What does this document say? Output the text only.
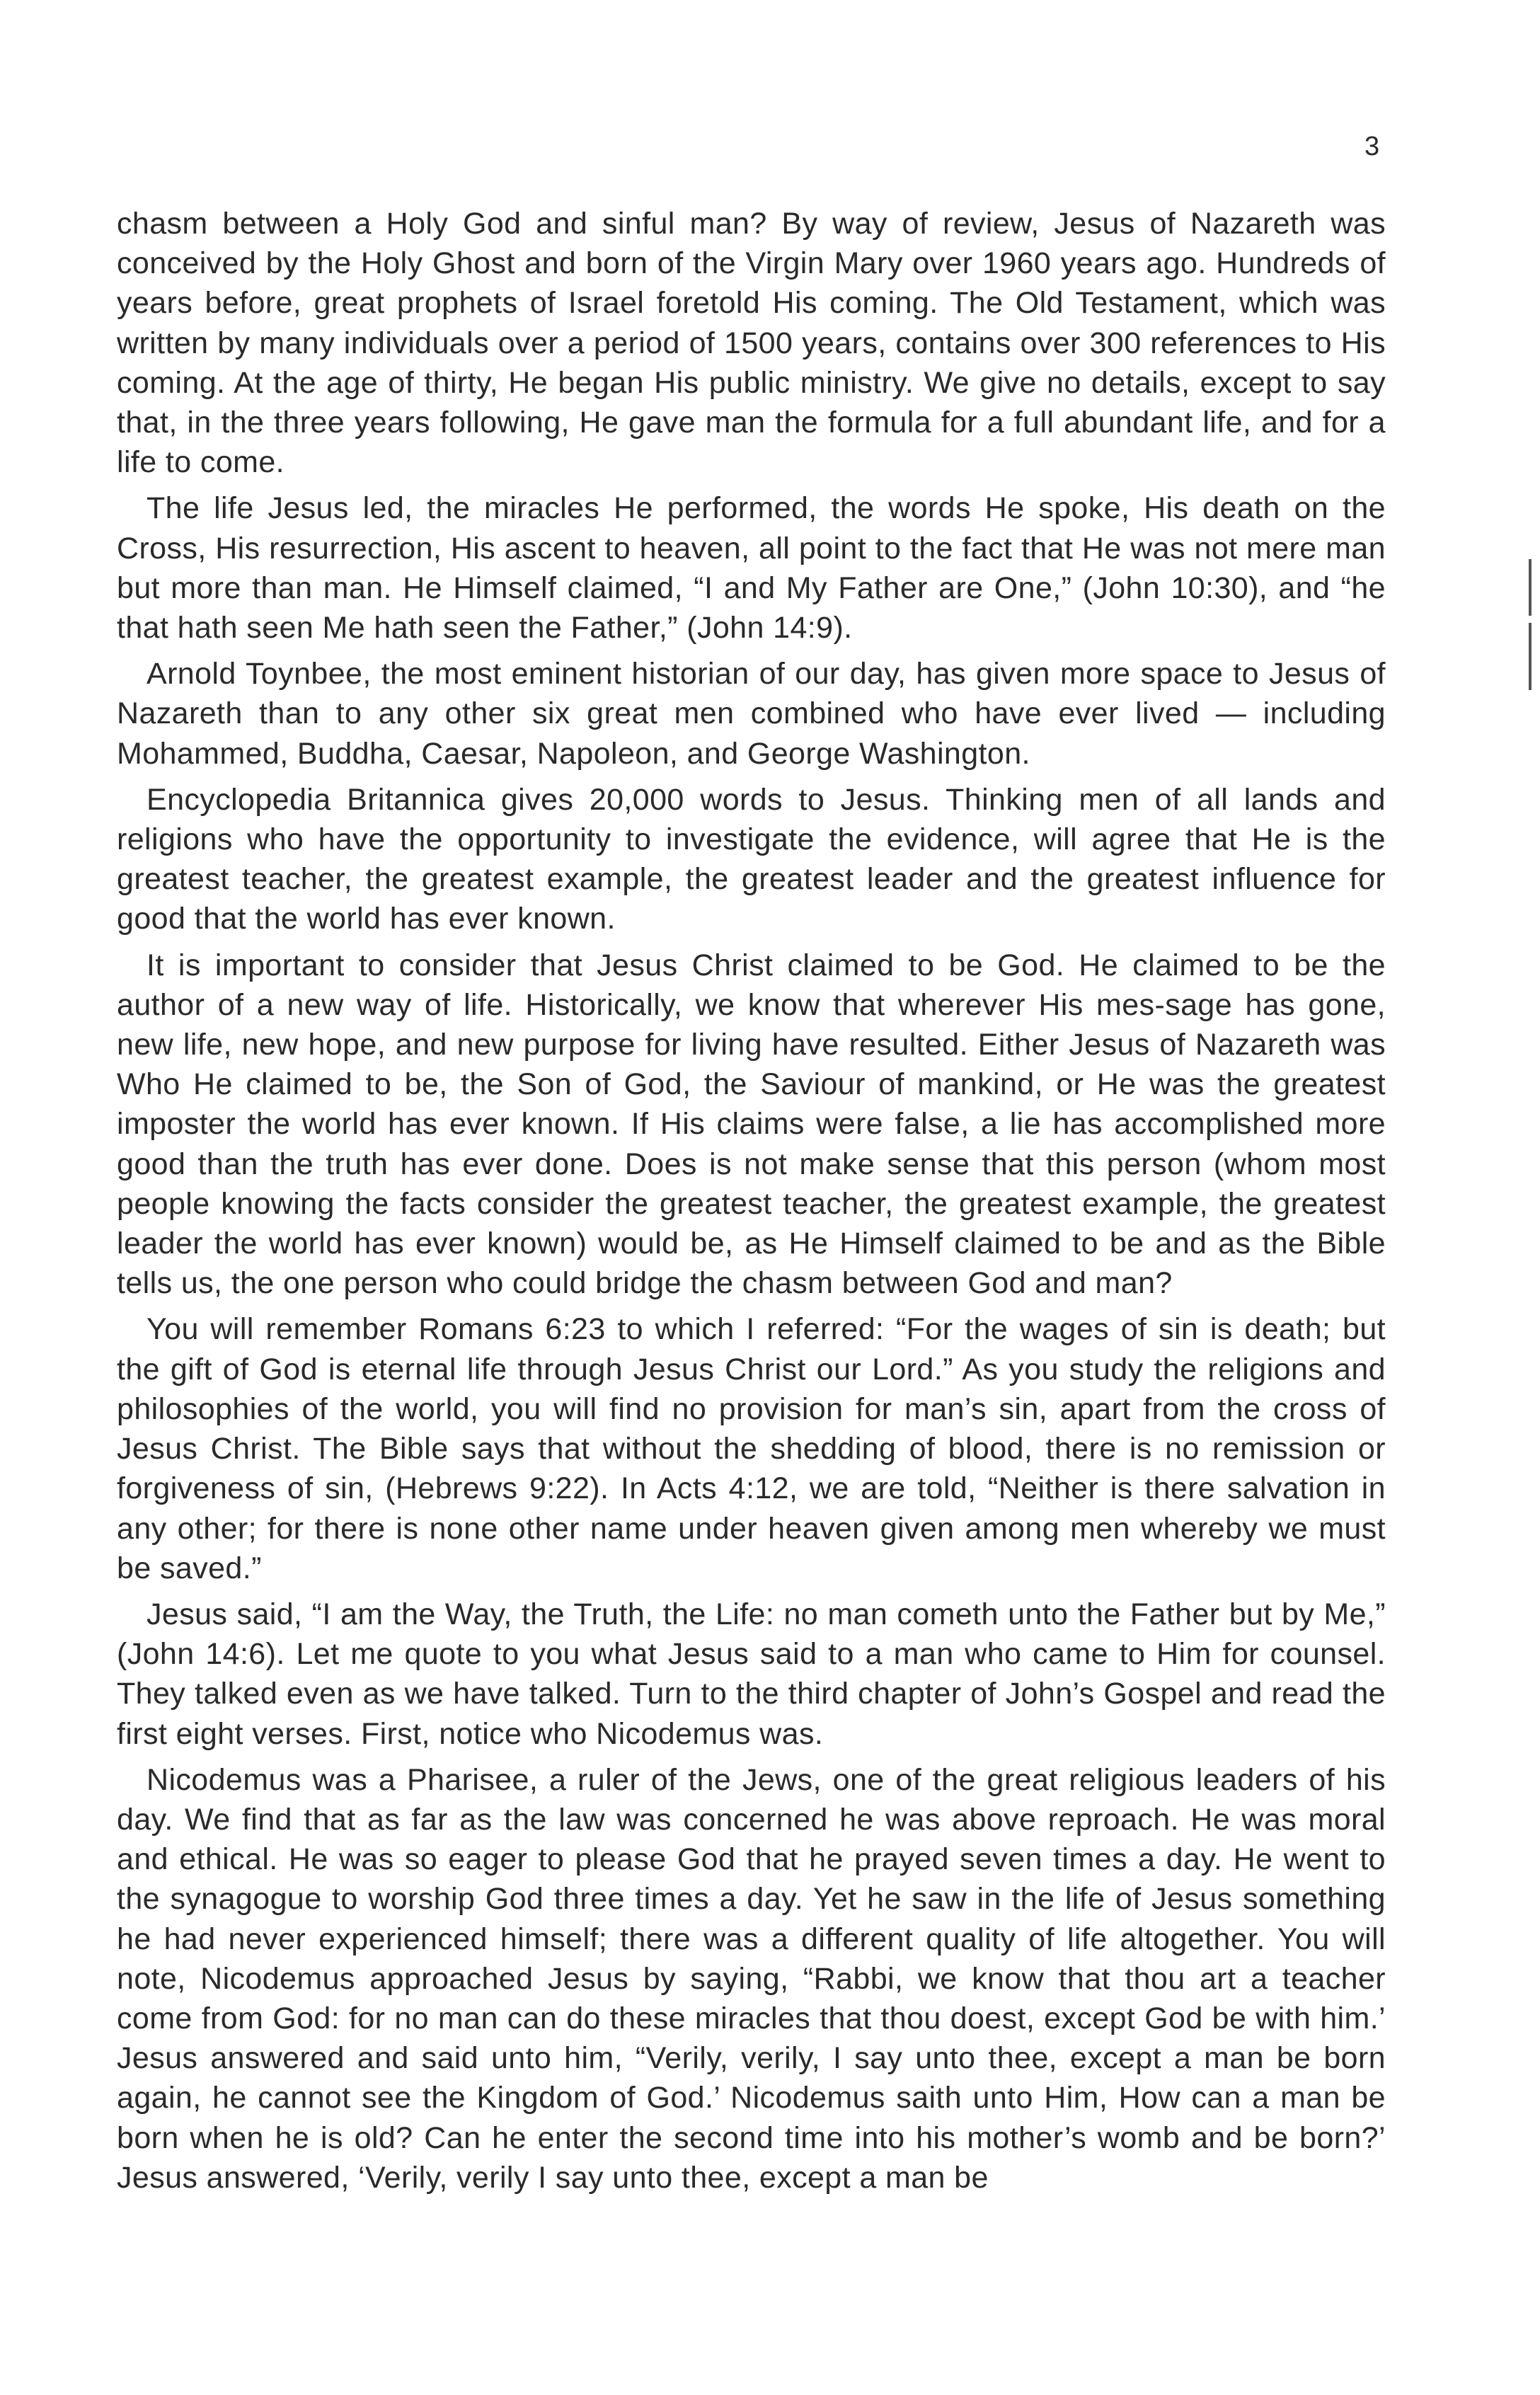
3

chasm between a Holy God and sinful man? By way of review, Jesus of Nazareth was conceived by the Holy Ghost and born of the Virgin Mary over 1960 years ago. Hundreds of years before, great prophets of Israel foretold His coming. The Old Testament, which was written by many individuals over a period of 1500 years, contains over 300 references to His coming. At the age of thirty, He began His public ministry. We give no details, except to say that, in the three years following, He gave man the formula for a full abundant life, and for a life to come.

The life Jesus led, the miracles He performed, the words He spoke, His death on the Cross, His resurrection, His ascent to heaven, all point to the fact that He was not mere man but more than man. He Himself claimed, “I and My Father are One,” (John 10:30), and “he that hath seen Me hath seen the Father,” (John 14:9).

Arnold Toynbee, the most eminent historian of our day, has given more space to Jesus of Nazareth than to any other six great men combined who have ever lived — including Mohammed, Buddha, Caesar, Napoleon, and George Washington.

Encyclopedia Britannica gives 20,000 words to Jesus. Thinking men of all lands and religions who have the opportunity to investigate the evidence, will agree that He is the greatest teacher, the greatest example, the greatest leader and the greatest influence for good that the world has ever known.

It is important to consider that Jesus Christ claimed to be God. He claimed to be the author of a new way of life. Historically, we know that wherever His mes-sage has gone, new life, new hope, and new purpose for living have resulted. Either Jesus of Nazareth was Who He claimed to be, the Son of God, the Saviour of mankind, or He was the greatest imposter the world has ever known. If His claims were false, a lie has accomplished more good than the truth has ever done. Does is not make sense that this person (whom most people knowing the facts consider the greatest teacher, the greatest example, the greatest leader the world has ever known) would be, as He Himself claimed to be and as the Bible tells us, the one person who could bridge the chasm between God and man?

You will remember Romans 6:23 to which I referred: “For the wages of sin is death; but the gift of God is eternal life through Jesus Christ our Lord.” As you study the religions and philosophies of the world, you will find no provision for man’s sin, apart from the cross of Jesus Christ. The Bible says that without the shedding of blood, there is no remission or forgiveness of sin, (Hebrews 9:22). In Acts 4:12, we are told, “Neither is there salvation in any other; for there is none other name under heaven given among men whereby we must be saved.”

Jesus said, “I am the Way, the Truth, the Life: no man cometh unto the Father but by Me,” (John 14:6). Let me quote to you what Jesus said to a man who came to Him for counsel. They talked even as we have talked. Turn to the third chapter of John’s Gospel and read the first eight verses. First, notice who Nicodemus was.

Nicodemus was a Pharisee, a ruler of the Jews, one of the great religious leaders of his day. We find that as far as the law was concerned he was above reproach. He was moral and ethical. He was so eager to please God that he prayed seven times a day. He went to the synagogue to worship God three times a day. Yet he saw in the life of Jesus something he had never experienced himself; there was a different quality of life altogether. You will note, Nicodemus approached Jesus by saying, “Rabbi, we know that thou art a teacher come from God: for no man can do these miracles that thou doest, except God be with him.’ Jesus answered and said unto him, “Verily, verily, I say unto thee, except a man be born again, he cannot see the Kingdom of God.’ Nicodemus saith unto Him, How can a man be born when he is old? Can he enter the second time into his mother’s womb and be born?’ Jesus answered, ‘Verily, verily I say unto thee, except a man be
